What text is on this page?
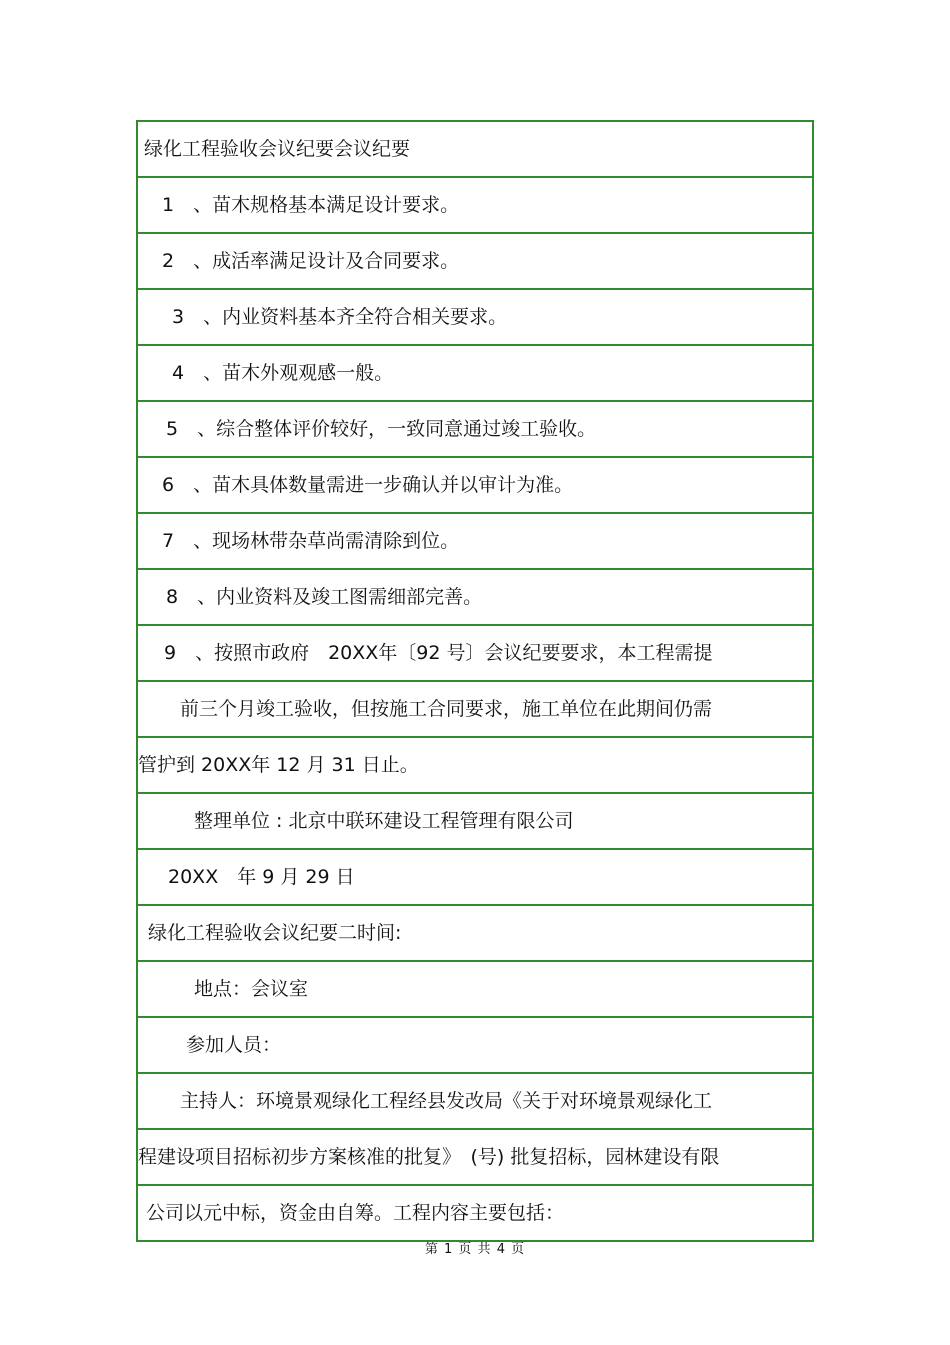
绿化工程验收会议纪要会议纪要
1　、苗木规格基本满足设计要求。
2　、成活率满足设计及合同要求。
3　、内业资料基本齐全符合相关要求。
4　、苗木外观观感一般。
5　、综合整体评价较好，一致同意通过竣工验收。
6　、苗木具体数量需进一步确认并以审计为准。
7　、现场林带杂草尚需清除到位。
8　、内业资料及竣工图需细部完善。
9　、按照市政府　20XX年〔92 号〕会议纪要要求，本工程需提
前三个月竣工验收，但按施工合同要求，施工单位在此期间仍需
管护到 20XX年 12 月 31 日止。
整理单位 : 北京中联环建设工程管理有限公司
20XX　年 9 月 29 日
绿化工程验收会议纪要二时间:
地点：会议室
参加人员：
主持人：环境景观绿化工程经县发改局《关于对环境景观绿化工
程建设项目招标初步方案核准的批复》　(号) 批复招标，园林建设有限
公司以元中标，资金由自筹。工程内容主要包括：
第 1 页 共 4 页
